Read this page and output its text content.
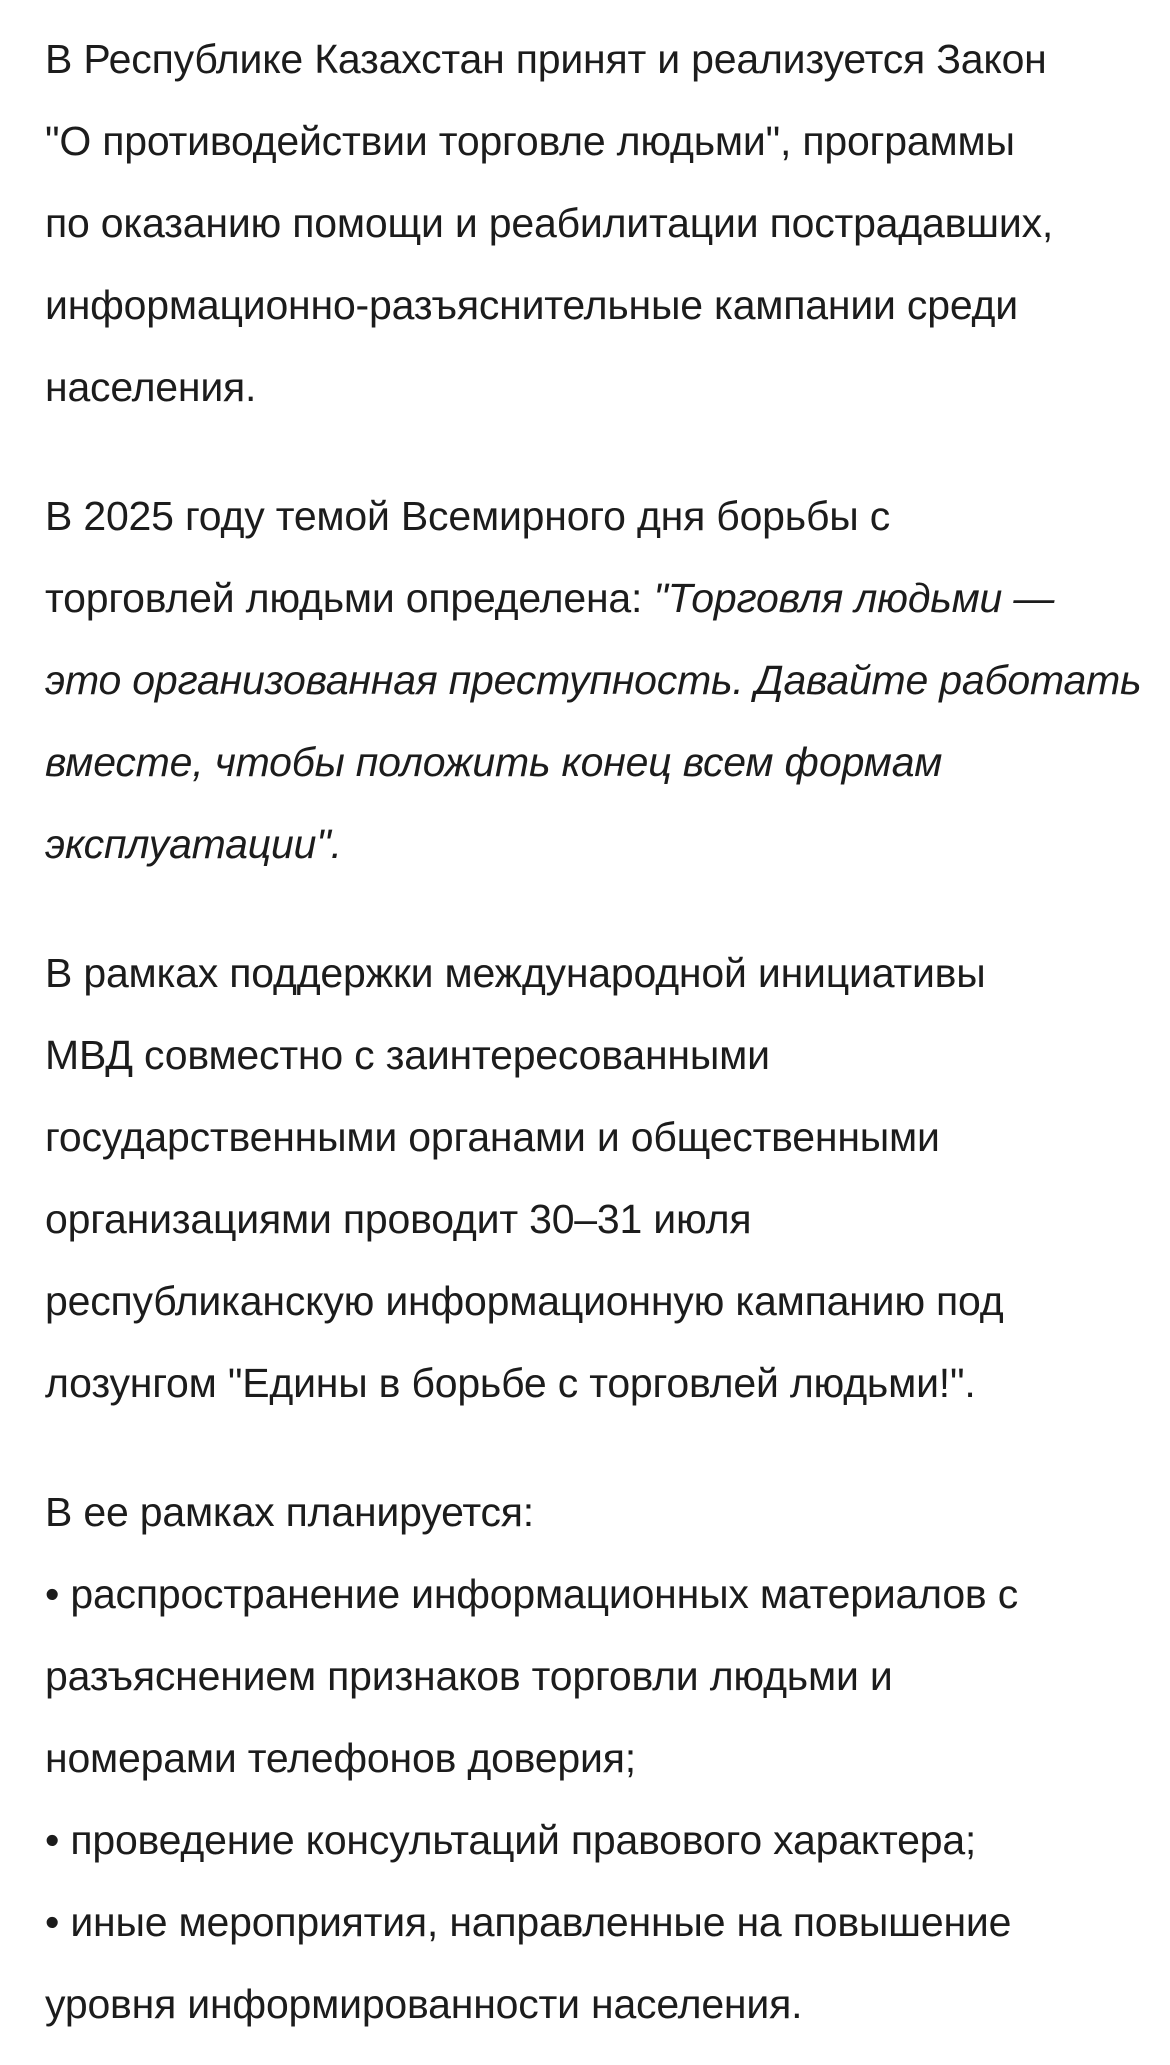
В Республике Казахстан принят и реализуется Закон
"О противодействии торговле людьми", программы
по оказанию помощи и реабилитации пострадавших,
информационно-разъяснительные кампании среди
населения.

В 2025 году темой Всемирного дня борьбы с
торговлей людьми определена: "Торговля людьми —
это организованная преступность. Давайте работать
вместе, чтобы положить конец всем формам
эксплуатации".

В рамках поддержки международной инициативы
МВД совместно с заинтересованными
государственными органами и общественными
организациями проводит 30–31 июля
республиканскую информационную кампанию под
лозунгом "Едины в борьбе с торговлей людьми!".

В ее рамках планируется:
• распространение информационных материалов с
разъяснением признаков торговли людьми и
номерами телефонов доверия;
• проведение консультаций правового характера;
• иные мероприятия, направленные на повышение
уровня информированности населения.
